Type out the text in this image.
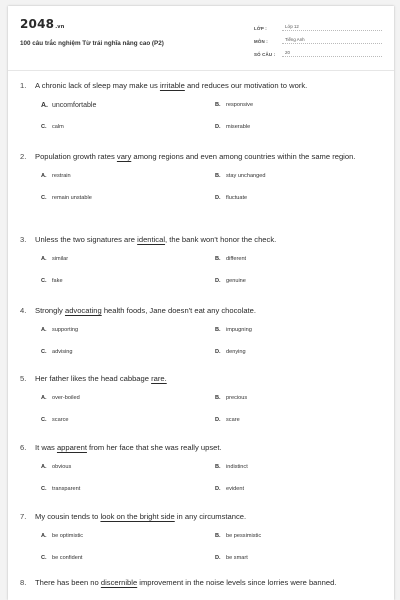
2048.vn
100 câu trắc nghiệm Từ trái nghĩa nâng cao (P2)
LỚP :	Lớp 12
MÔN :	Tiếng Anh
SỐ CÂU :	20
1.	A chronic lack of sleep may make us irritable and reduces our motivation to work.
A. uncomfortable	B. responsive
C. calm	D. miserable
2.	Population growth rates vary among regions and even among countries within the same region.
A. restrain	B. stay unchanged
C. remain unstable	D. fluctuate
3.	Unless the two signatures are identical, the bank won't honor the check.
A. similar	B. different
C. fake	D. genuine
4.	Strongly advocating health foods, Jane doesn't eat any chocolate.
A. supporting	B. impugning
C. advising	D. denying
5.	Her father likes the head cabbage rare.
A. over-boiled	B. precious
C. scarce	D. scare
6.	It was apparent from her face that she was really upset.
A. obvious	B. indistinct
C. transparent	D. evident
7.	My cousin tends to look on the bright side in any circumstance.
A. be optimistic	B. be pessimistic
C. be confident	D. be smart
8.	There has been no discernible improvement in the noise levels since lorries were banned.
